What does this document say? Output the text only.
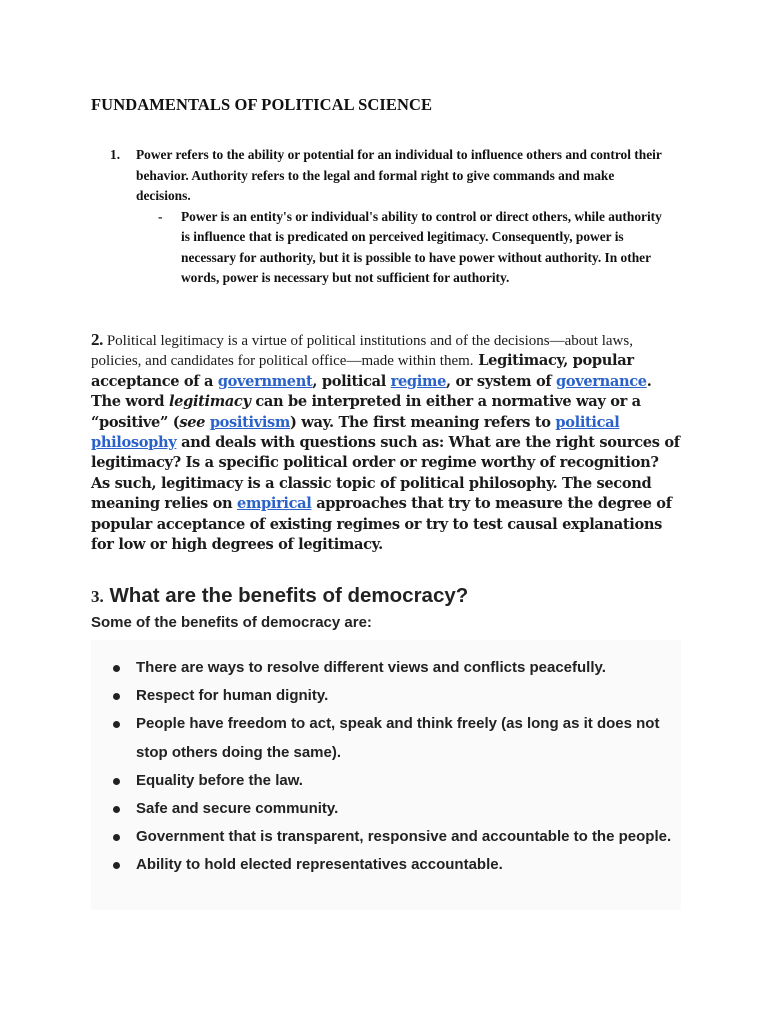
FUNDAMENTALS OF POLITICAL SCIENCE
1. Power refers to the ability or potential for an individual to influence others and control their behavior. Authority refers to the legal and formal right to give commands and make decisions.
- Power is an entity's or individual's ability to control or direct others, while authority is influence that is predicated on perceived legitimacy. Consequently, power is necessary for authority, but it is possible to have power without authority. In other words, power is necessary but not sufficient for authority.
2. Political legitimacy is a virtue of political institutions and of the decisions—about laws, policies, and candidates for political office—made within them. Legitimacy, popular acceptance of a government, political regime, or system of governance. The word legitimacy can be interpreted in either a normative way or a “positive” (see positivism) way. The first meaning refers to political philosophy and deals with questions such as: What are the right sources of legitimacy? Is a specific political order or regime worthy of recognition? As such, legitimacy is a classic topic of political philosophy. The second meaning relies on empirical approaches that try to measure the degree of popular acceptance of existing regimes or try to test causal explanations for low or high degrees of legitimacy.
3. What are the benefits of democracy?

Some of the benefits of democracy are:

There are ways to resolve different views and conflicts peacefully.
Respect for human dignity.
People have freedom to act, speak and think freely (as long as it does not stop others doing the same).
Equality before the law.
Safe and secure community.
Government that is transparent, responsive and accountable to the people.
Ability to hold elected representatives accountable.
